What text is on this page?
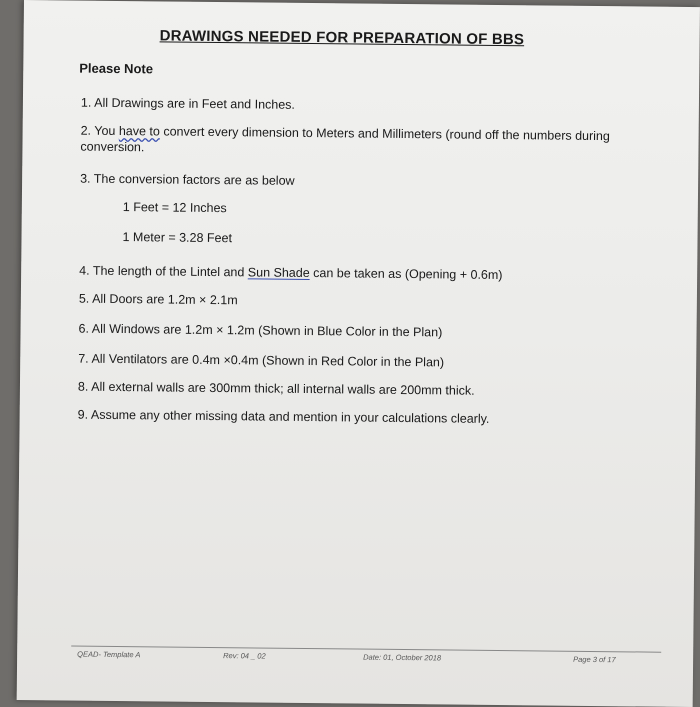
DRAWINGS NEEDED FOR PREPARATION OF BBS
Please Note
1. All Drawings are in Feet and Inches.
2. You have to convert every dimension to Meters and Millimeters (round off the numbers during
conversion.
3. The conversion factors are as below
1 Feet = 12 Inches
1 Meter = 3.28 Feet
4. The length of the Lintel and Sun Shade can be taken as (Opening + 0.6m)
5. All Doors are 1.2m × 2.1m
6. All Windows are 1.2m × 1.2m (Shown in Blue Color in the Plan)
7. All Ventilators are 0.4m ×0.4m (Shown in Red Color in the Plan)
8. All external walls are 300mm thick; all internal walls are 200mm thick.
9. Assume any other missing data and mention in your calculations clearly.
QEAD- Template A	Rev: 04 _ 02	Date: 01, October 2018	Page 3 of 17
